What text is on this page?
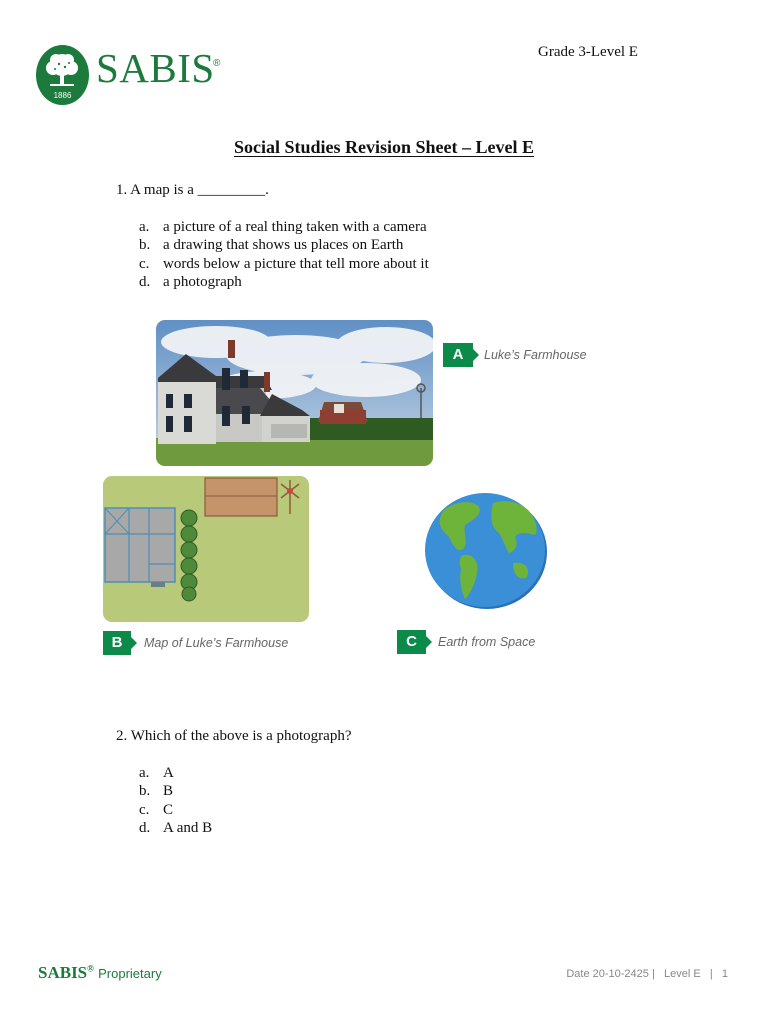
1886
SABIS
®
Grade 3-Level E
Social Studies Revision Sheet – Level E
1. A map is a _________.
a. a picture of a real thing taken with a camera
b. a drawing that shows us places on Earth
c. words below a picture that tell more about it
d. a photograph
A	Luke’s Farmhouse
B	Map of Luke’s Farmhouse	C	Earth from Space
2. Which of the above is a photograph?
a. A
b. B
c. C
d. A and B
SABIS® Proprietary	Date 20-10-2425 |   Level E   |   1
